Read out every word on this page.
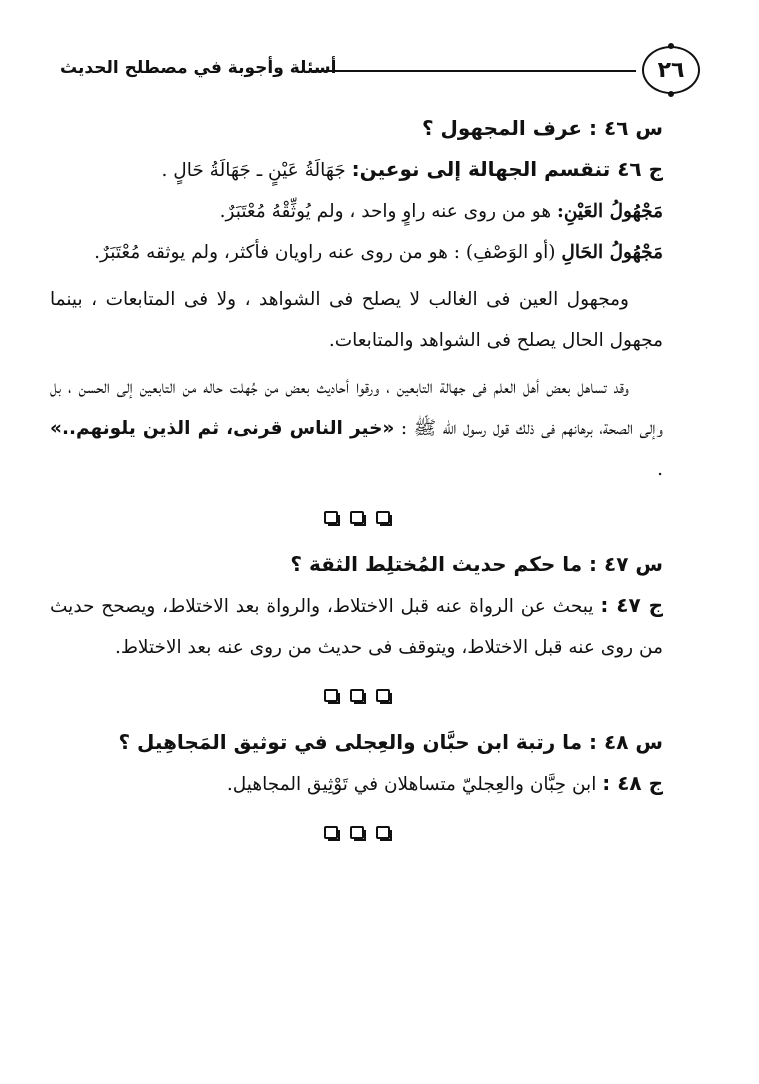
٢٦
أسئلة وأجوبة في مصطلح الحديث

س ٤٦ : عرف المجهول ؟

ج ٤٦ تنقسم الجهالة إلى نوعين: جَهَالَةُ عَيْنٍ ـ جَهَالَةُ حَالٍ .

مَجْهُولُ العَيْنِ: هو من روى عنه راوٍ واحد ، ولم يُوثِّقْهُ مُعْتَبَرٌ.

مَجْهُولُ الحَالِ (أو الوَصْفِ) : هو من روى عنه راويان فأكثر، ولم يوثقه مُعْتَبَرٌ.

ومجهول العين فى الغالب لا يصلح فى الشواهد ، ولا فى المتابعات ، بينما مجهول الحال يصلح فى الشواهد والمتابعات.

وقد تساهل بعض أهل العلم فى جهالة التابعين ، ورقوا أحاديث بعض من جُهلت حاله من التابعين إلى الحسن ، بل وإلى الصحة، برهانهم فى ذلك قول رسول الله ﷺ : «خير الناس قرنى، ثم الذين يلونهم..» .

س ٤٧ : ما حكم حديث المُختلِط الثقة ؟

ج ٤٧ : يبحث عن الرواة عنه قبل الاختلاط، والرواة بعد الاختلاط، ويصحح حديث من روى عنه قبل الاختلاط، ويتوقف فى حديث من روى عنه بعد الاختلاط.

س ٤٨ : ما رتبة ابن حبَّان والعِجلى في توثيق المَجاهِيل ؟

ج ٤٨ : ابن حِبَّان والعِجليّ متساهلان في تَوْثِيق المجاهيل.
